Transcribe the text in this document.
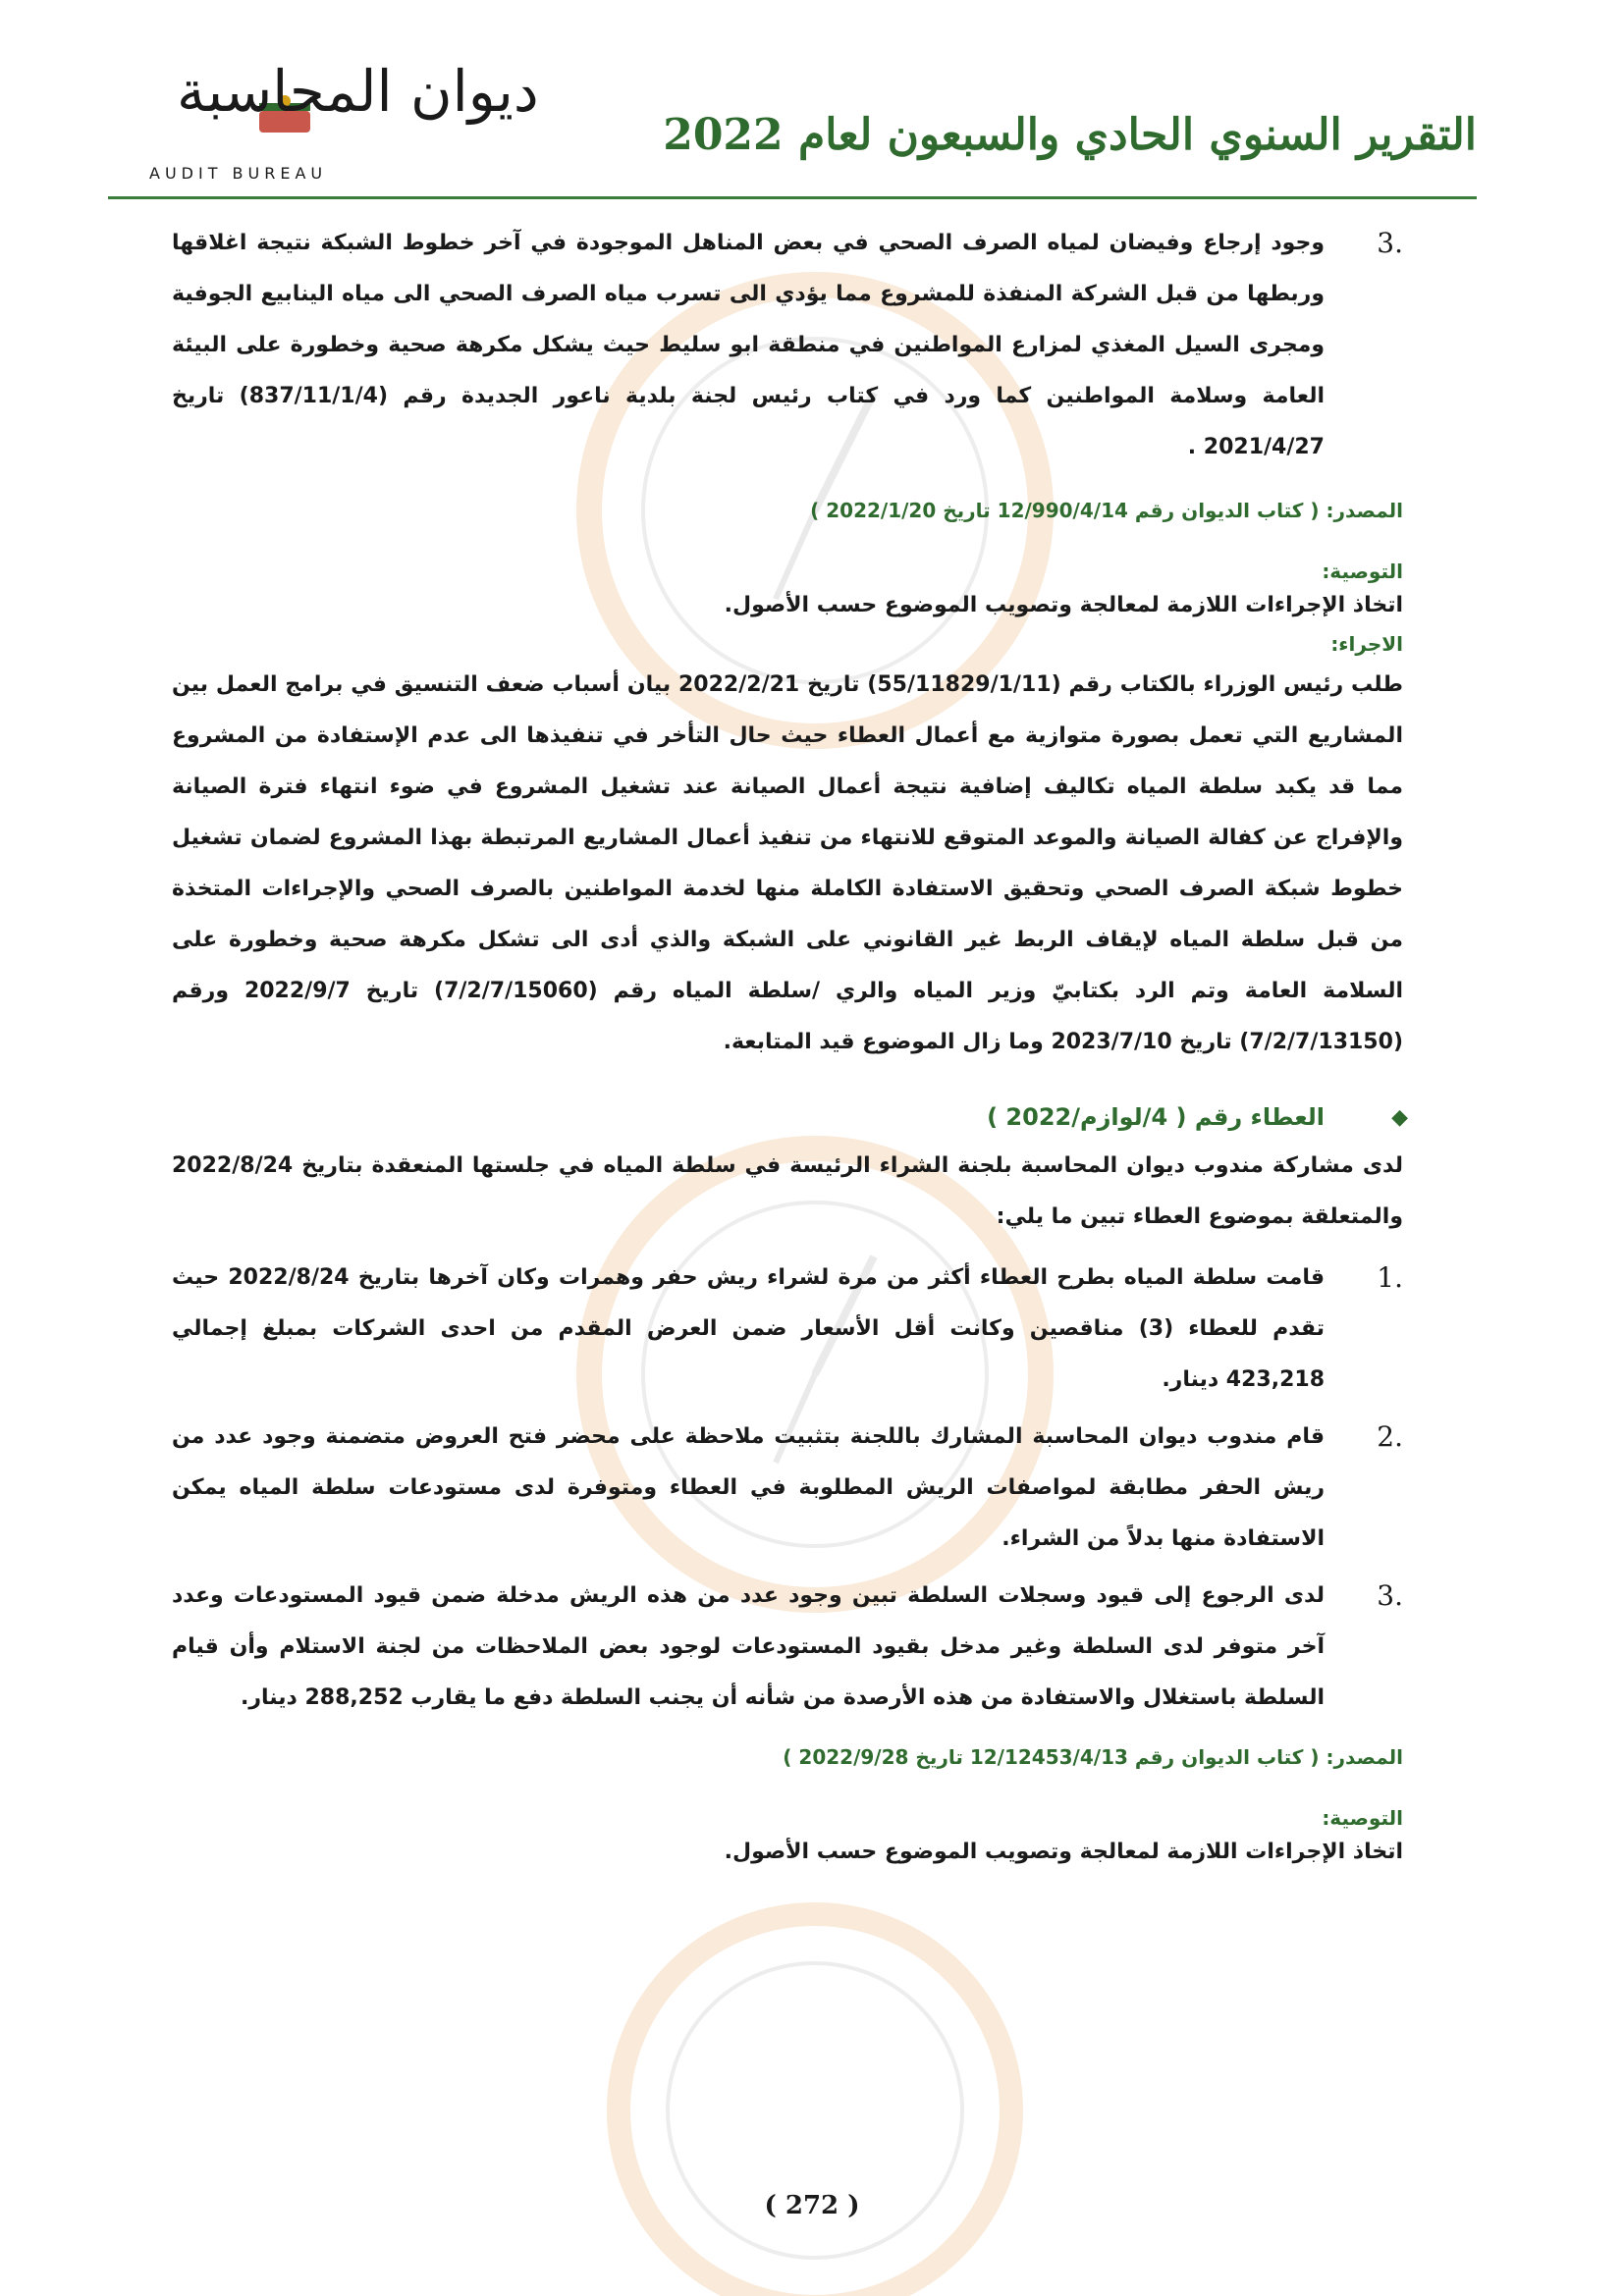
ديوان المحاسبة
AUDIT BUREAU
التقرير السنوي الحادي والسبعون لعام 2022
3.

وجود إرجاع وفيضان لمياه الصرف الصحي في بعض المناهل الموجودة في آخر خطوط الشبكة نتيجة اغلاقها وربطها من قبل الشركة المنفذة للمشروع مما يؤدي الى تسرب مياه الصرف الصحي الى مياه الينابيع الجوفية ومجرى السيل المغذي لمزارع المواطنين في منطقة ابو سليط حيث يشكل مكرهة صحية وخطورة على البيئة العامة وسلامة المواطنين كما ورد في كتاب رئيس لجنة بلدية ناعور الجديدة رقم (837/11/1/4) تاريخ 2021/4/27 .

المصدر: ( كتاب الديوان رقم 12/990/4/14 تاريخ 2022/1/20 )

التوصية:

اتخاذ الإجراءات اللازمة لمعالجة وتصويب الموضوع حسب الأصول.

الاجراء:

طلب رئيس الوزراء بالكتاب رقم (55/11829/1/11) تاريخ 2022/2/21 بيان أسباب ضعف التنسيق في برامج العمل بين المشاريع التي تعمل بصورة متوازية مع أعمال العطاء حيث حال التأخر في تنفيذها الى عدم الإستفادة من المشروع مما قد يكبد سلطة المياه تكاليف إضافية نتيجة أعمال الصيانة عند تشغيل المشروع في ضوء انتهاء فترة الصيانة والإفراج عن كفالة الصيانة والموعد المتوقع للانتهاء من تنفيذ أعمال المشاريع المرتبطة بهذا المشروع لضمان تشغيل خطوط شبكة الصرف الصحي وتحقيق الاستفادة الكاملة منها لخدمة المواطنين بالصرف الصحي والإجراءات المتخذة من قبل سلطة المياه لإيقاف الربط غير القانوني على الشبكة والذي أدى الى تشكل مكرهة صحية وخطورة على السلامة العامة وتم الرد بكتابيّ وزير المياه والري /سلطة المياه رقم (7/2/7/15060) تاريخ 2022/9/7 ورقم (7/2/7/13150) تاريخ 2023/7/10 وما زال الموضوع قيد المتابعة.

◆
العطاء رقم ( 4/لوازم/2022 )

لدى مشاركة مندوب ديوان المحاسبة بلجنة الشراء الرئيسة في سلطة المياه في جلستها المنعقدة بتاريخ 2022/8/24 والمتعلقة بموضوع العطاء تبين ما يلي:

1.

قامت سلطة المياه بطرح العطاء أكثر من مرة لشراء ريش حفر وهمرات وكان آخرها بتاريخ 2022/8/24 حيث تقدم للعطاء (3) مناقصين وكانت أقل الأسعار ضمن العرض المقدم من احدى الشركات بمبلغ إجمالي 423,218 دينار.

2.

قام مندوب ديوان المحاسبة المشارك باللجنة بتثبيت ملاحظة على محضر فتح العروض متضمنة وجود عدد من ريش الحفر مطابقة لمواصفات الريش المطلوبة في العطاء ومتوفرة لدى مستودعات سلطة المياه يمكن الاستفادة منها بدلاً من الشراء.

3.

لدى الرجوع إلى قيود وسجلات السلطة تبين وجود عدد من هذه الريش مدخلة ضمن قيود المستودعات وعدد آخر متوفر لدى السلطة وغير مدخل بقيود المستودعات لوجود بعض الملاحظات من لجنة الاستلام وأن قيام السلطة باستغلال والاستفادة من هذه الأرصدة من شأنه أن يجنب السلطة دفع ما يقارب 288,252 دينار.

المصدر: ( كتاب الديوان رقم 12/12453/4/13 تاريخ 2022/9/28 )

التوصية:

اتخاذ الإجراءات اللازمة لمعالجة وتصويب الموضوع حسب الأصول.

( 272 )
